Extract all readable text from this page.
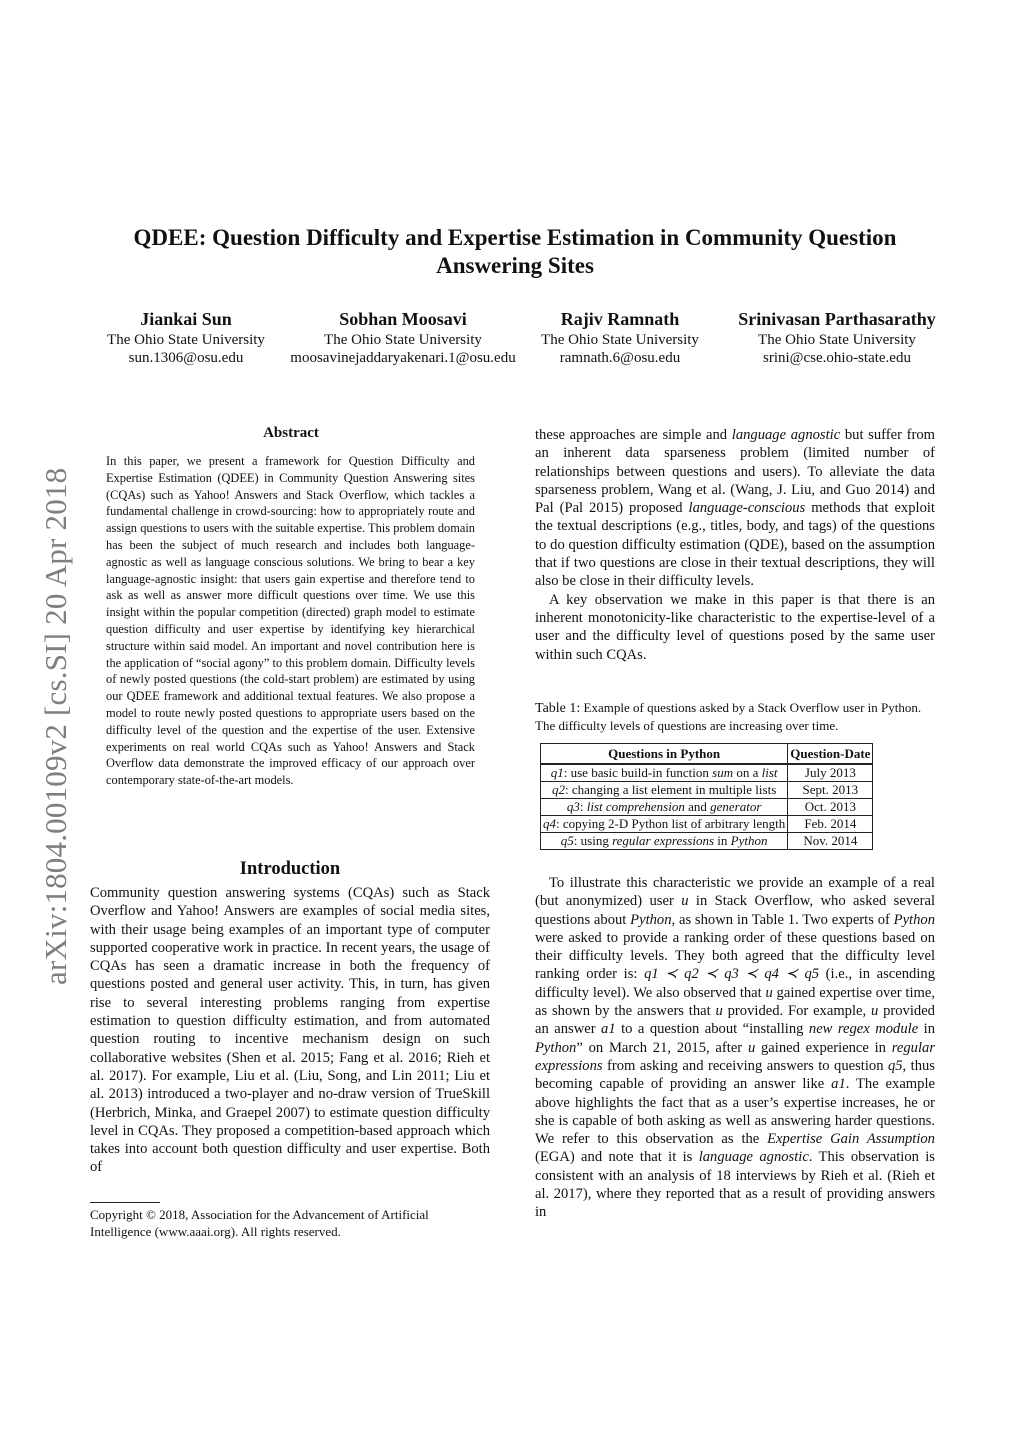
QDEE: Question Difficulty and Expertise Estimation in Community Question Answering Sites
Jiankai Sun
The Ohio State University
sun.1306@osu.edu
Sobhan Moosavi
The Ohio State University
moosavinejaddaryakenari.1@osu.edu
Rajiv Ramnath
The Ohio State University
ramnath.6@osu.edu
Srinivasan Parthasarathy
The Ohio State University
srini@cse.ohio-state.edu
arXiv:1804.00109v2 [cs.SI] 20 Apr 2018
Abstract
In this paper, we present a framework for Question Difficulty and Expertise Estimation (QDEE) in Community Question Answering sites (CQAs) such as Yahoo! Answers and Stack Overflow, which tackles a fundamental challenge in crowd-sourcing: how to appropriately route and assign questions to users with the suitable expertise. This problem domain has been the subject of much research and includes both language-agnostic as well as language conscious solutions. We bring to bear a key language-agnostic insight: that users gain expertise and therefore tend to ask as well as answer more difficult questions over time. We use this insight within the popular competition (directed) graph model to estimate question difficulty and user expertise by identifying key hierarchical structure within said model. An important and novel contribution here is the application of “social agony” to this problem domain. Difficulty levels of newly posted questions (the cold-start problem) are estimated by using our QDEE framework and additional textual features. We also propose a model to route newly posted questions to appropriate users based on the difficulty level of the question and the expertise of the user. Extensive experiments on real world CQAs such as Yahoo! Answers and Stack Overflow data demonstrate the improved efficacy of our approach over contemporary state-of-the-art models.
Introduction
Community question answering systems (CQAs) such as Stack Overflow and Yahoo! Answers are examples of social media sites, with their usage being examples of an important type of computer supported cooperative work in practice. In recent years, the usage of CQAs has seen a dramatic increase in both the frequency of questions posted and general user activity. This, in turn, has given rise to several interesting problems ranging from expertise estimation to question difficulty estimation, and from automated question routing to incentive mechanism design on such collaborative websites (Shen et al. 2015; Fang et al. 2016; Rieh et al. 2017). For example, Liu et al. (Liu, Song, and Lin 2011; Liu et al. 2013) introduced a two-player and no-draw version of TrueSkill (Herbrich, Minka, and Graepel 2007) to estimate question difficulty level in CQAs. They proposed a competition-based approach which takes into account both question difficulty and user expertise. Both of
Copyright © 2018, Association for the Advancement of Artificial Intelligence (www.aaai.org). All rights reserved.

these approaches are simple and language agnostic but suffer from an inherent data sparseness problem (limited number of relationships between questions and users). To alleviate the data sparseness problem, Wang et al. (Wang, J. Liu, and Guo 2014) and Pal (Pal 2015) proposed language-conscious methods that exploit the textual descriptions (e.g., titles, body, and tags) of the questions to do question difficulty estimation (QDE), based on the assumption that if two questions are close in their textual descriptions, they will also be close in their difficulty levels.

A key observation we make in this paper is that there is an inherent monotonicity-like characteristic to the expertise-level of a user and the difficulty level of questions posed by the same user within such CQAs.

Table 1: Example of questions asked by a Stack Overflow user in Python. The difficulty levels of questions are increasing over time.
Questions in Python	Question-Date
q1: use basic build-in function sum on a list	July 2013
q2: changing a list element in multiple lists	Sept. 2013
q3: list comprehension and generator	Oct. 2013
q4: copying 2-D Python list of arbitrary length	Feb. 2014
q5: using regular expressions in Python	Nov. 2014

To illustrate this characteristic we provide an example of a real (but anonymized) user u in Stack Overflow, who asked several questions about Python, as shown in Table 1. Two experts of Python were asked to provide a ranking order of these questions based on their difficulty levels. They both agreed that the difficulty level ranking order is: q1 ≺ q2 ≺ q3 ≺ q4 ≺ q5 (i.e., in ascending difficulty level). We also observed that u gained expertise over time, as shown by the answers that u provided. For example, u provided an answer a1 to a question about “installing new regex module in Python” on March 21, 2015, after u gained experience in regular expressions from asking and receiving answers to question q5, thus becoming capable of providing an answer like a1. The example above highlights the fact that as a user’s expertise increases, he or she is capable of both asking as well as answering harder questions. We refer to this observation as the Expertise Gain Assumption (EGA) and note that it is language agnostic. This observation is consistent with an analysis of 18 interviews by Rieh et al. (Rieh et al. 2017), where they reported that as a result of providing answers in
